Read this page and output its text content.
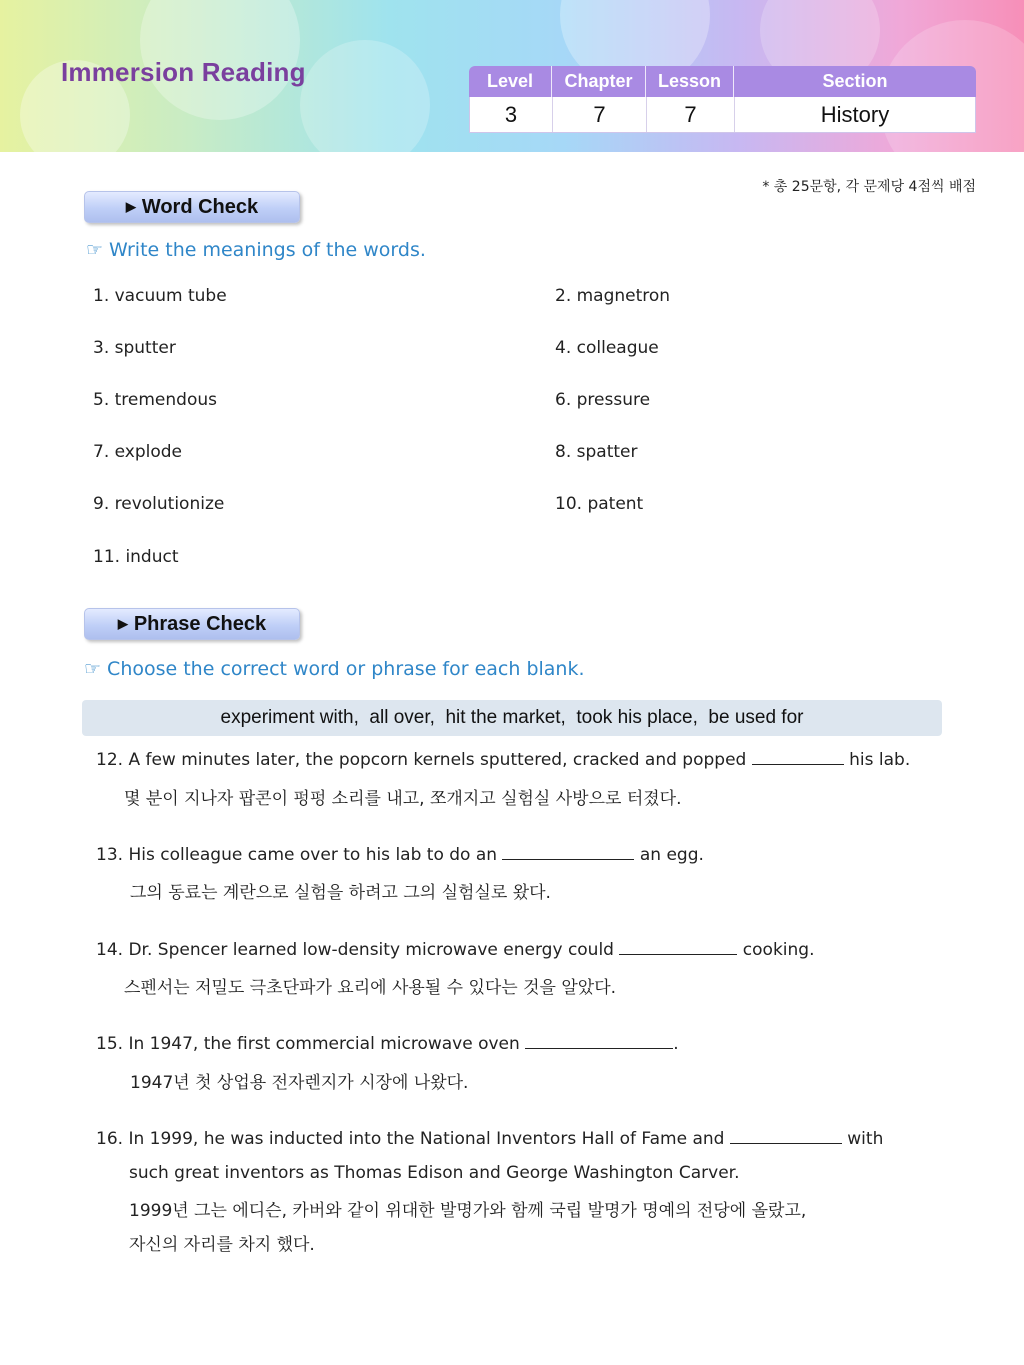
Immersion Reading	Level	Chapter	Lesson	Section
3	7	7	History
* 총 25문항, 각 문제당 4점씩 배점
▶ Word Check
☞ Write the meanings of the words.
1. vacuum tube	2. magnetron
3. sputter	4. colleague
5. tremendous	6. pressure
7. explode	8. spatter
9. revolutionize	10. patent
11. induct
▶ Phrase Check
☞ Choose the correct word or phrase for each blank.
experiment with,  all over,  hit the market,  took his place,  be used for
12. A few minutes later, the popcorn kernels sputtered, cracked and popped	his lab.
몇 분이 지나자 팝콘이 펑펑 소리를 내고, 쪼개지고 실험실 사방으로 터졌다.
13. His colleague came over to his lab to do an	an egg.
그의 동료는 계란으로 실험을 하려고 그의 실험실로 왔다.
14. Dr. Spencer learned low-density microwave energy could	cooking.
스펜서는 저밀도 극초단파가 요리에 사용될 수 있다는 것을 알았다.
15. In 1947, the first commercial microwave oven	.
1947년 첫 상업용 전자렌지가 시장에 나왔다.
16. In 1999, he was inducted into the National Inventors Hall of Fame and	with
such great inventors as Thomas Edison and George Washington Carver.
1999년 그는 에디슨, 카버와 같이 위대한 발명가와 함께 국립 발명가 명예의 전당에 올랐고,
자신의 자리를 차지 했다.
